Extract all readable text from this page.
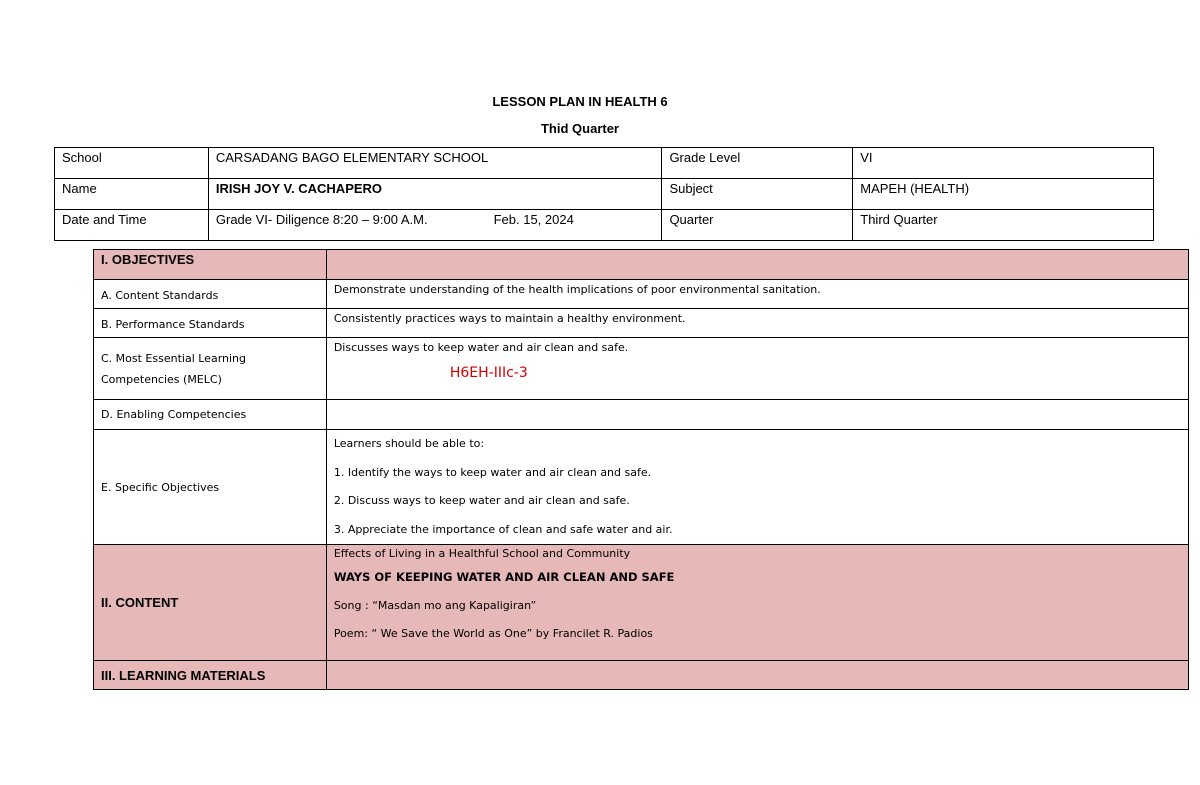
LESSON PLAN IN HEALTH 6
Thid Quarter
School	CARSADANG BAGO ELEMENTARY SCHOOL	Grade Level	VI
Name	IRISH JOY V. CACHAPERO	Subject	MAPEH (HEALTH)
Date and Time	Grade VI- Diligence 8:20 – 9:00 A.M. Feb. 15, 2024	Quarter	Third Quarter
I. OBJECTIVES	
A. Content Standards	Demonstrate understanding of the health implications of poor environmental sanitation.
B. Performance Standards	Consistently practices ways to maintain a healthy environment.

C. Most Essential Learning
Competencies (MELC)	Discusses ways to keep water and air clean and safe.
H6EH-IIIc-3

D. Enabling Competencies	
E. Specific Objectives	Learners should be able to:
1. Identify the ways to keep water and air clean and safe.
2. Discuss ways to keep water and air clean and safe.
3. Appreciate the importance of clean and safe water and air.

II. CONTENT	Effects of Living in a Healthful School and Community
WAYS OF KEEPING WATER AND AIR CLEAN AND SAFE
Song : “Masdan mo ang Kapaligiran”
Poem: “ We Save the World as One” by Francilet R. Padios

III. LEARNING MATERIALS	
